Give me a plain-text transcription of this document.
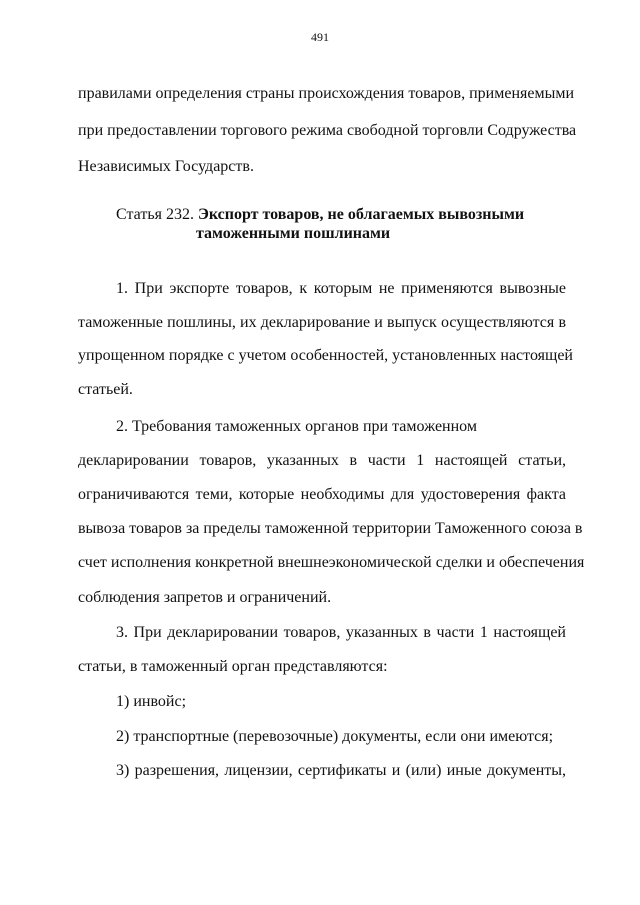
491
правилами определения страны происхождения товаров, применяемыми
при предоставлении торгового режима свободной торговли Содружества
Независимых Государств.
Статья 232. Экспорт товаров, не облагаемых вывозными
таможенными пошлинами
1. При экспорте товаров, к которым не применяются вывозные
таможенные пошлины, их декларирование и выпуск осуществляются в
упрощенном порядке с учетом особенностей, установленных настоящей
статьей.
2. Требования таможенных органов при таможенном
декларировании товаров, указанных в части 1 настоящей статьи,
ограничиваются теми, которые необходимы для удостоверения факта
вывоза товаров за пределы таможенной территории Таможенного союза в
счет исполнения конкретной внешнеэкономической сделки и обеспечения
соблюдения запретов и ограничений.
3. При декларировании товаров, указанных в части 1 настоящей
статьи, в таможенный орган представляются:
1) инвойс;
2) транспортные (перевозочные) документы, если они имеются;
3) разрешения, лицензии, сертификаты и (или) иные документы,
